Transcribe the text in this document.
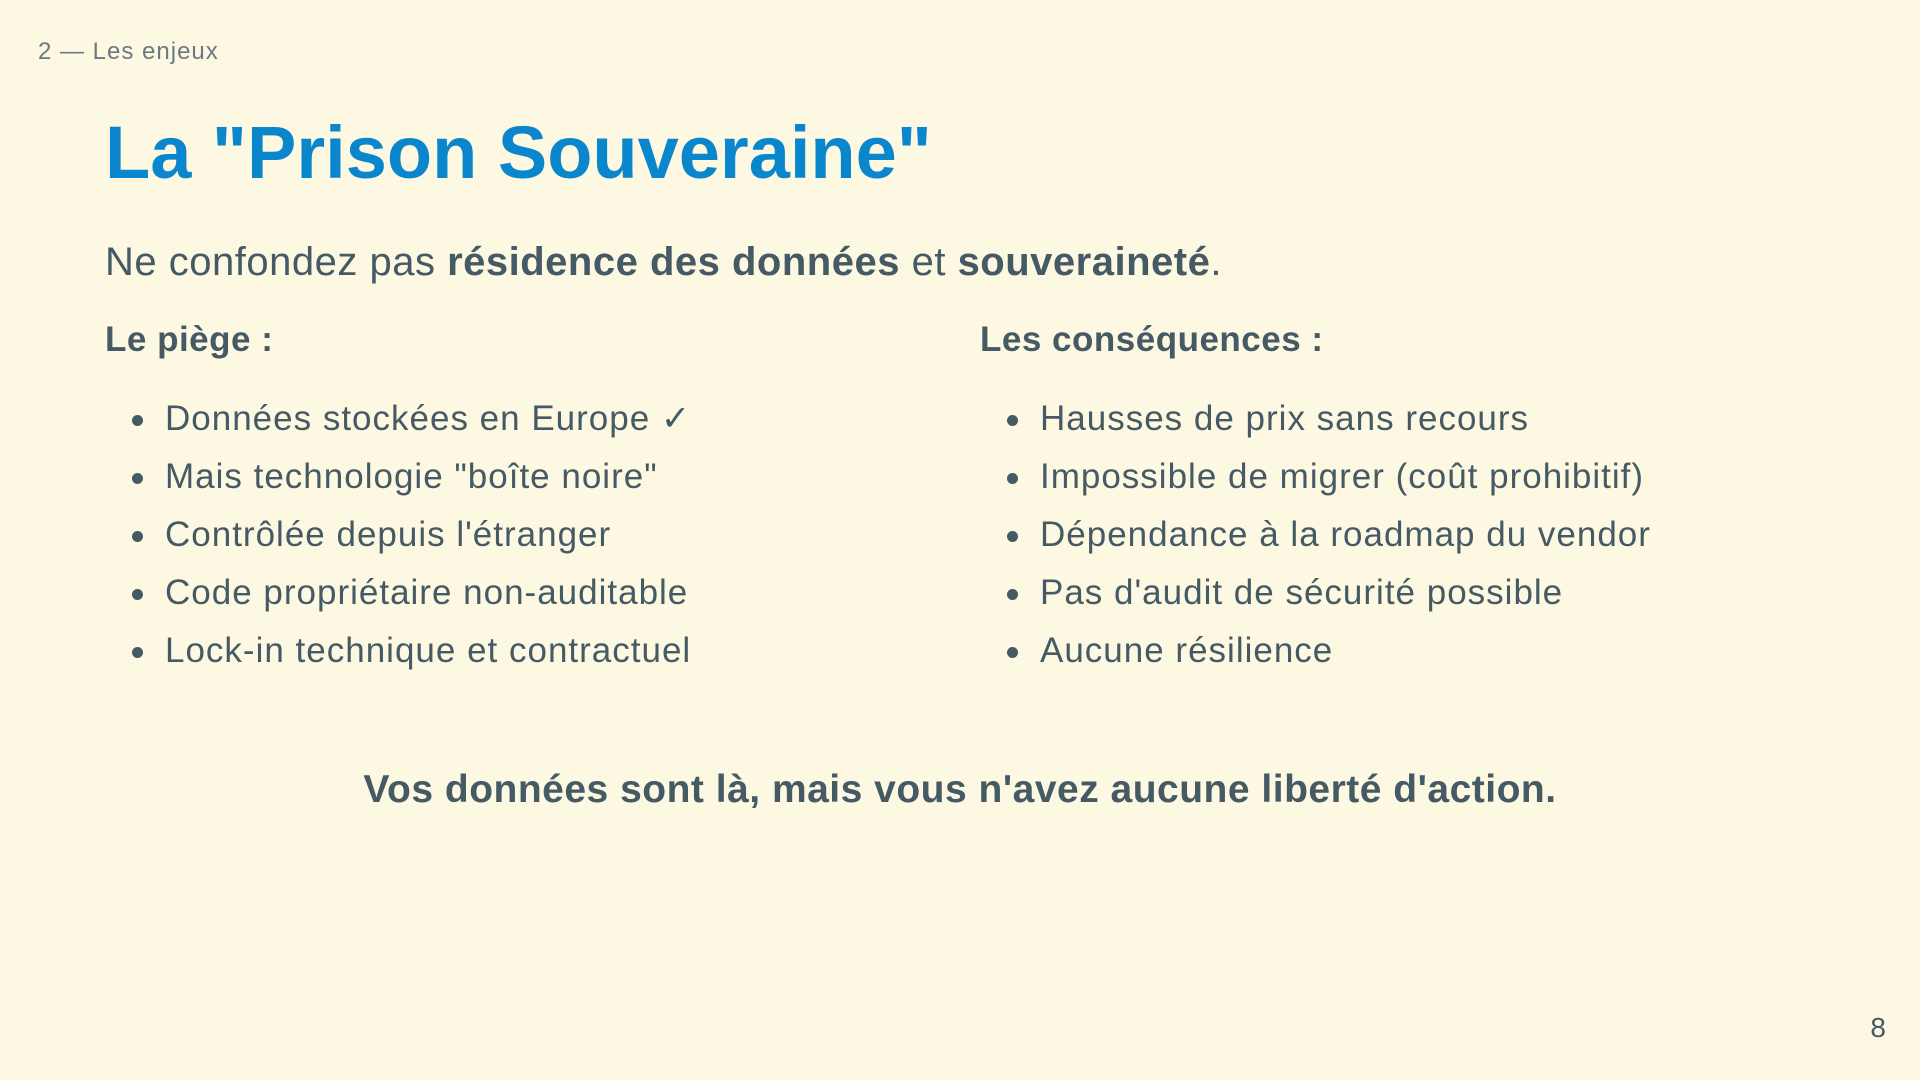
2 — Les enjeux
La "Prison Souveraine"

Ne confondez pas résidence des données et souveraineté.

Le piège :
Données stockées en Europe ✓
Mais technologie "boîte noire"
Contrôlée depuis l'étranger
Code propriétaire non-auditable
Lock-in technique et contractuel
Les conséquences :
Hausses de prix sans recours
Impossible de migrer (coût prohibitif)
Dépendance à la roadmap du vendor
Pas d'audit de sécurité possible
Aucune résilience
Vos données sont là, mais vous n'avez aucune liberté d'action.
8
